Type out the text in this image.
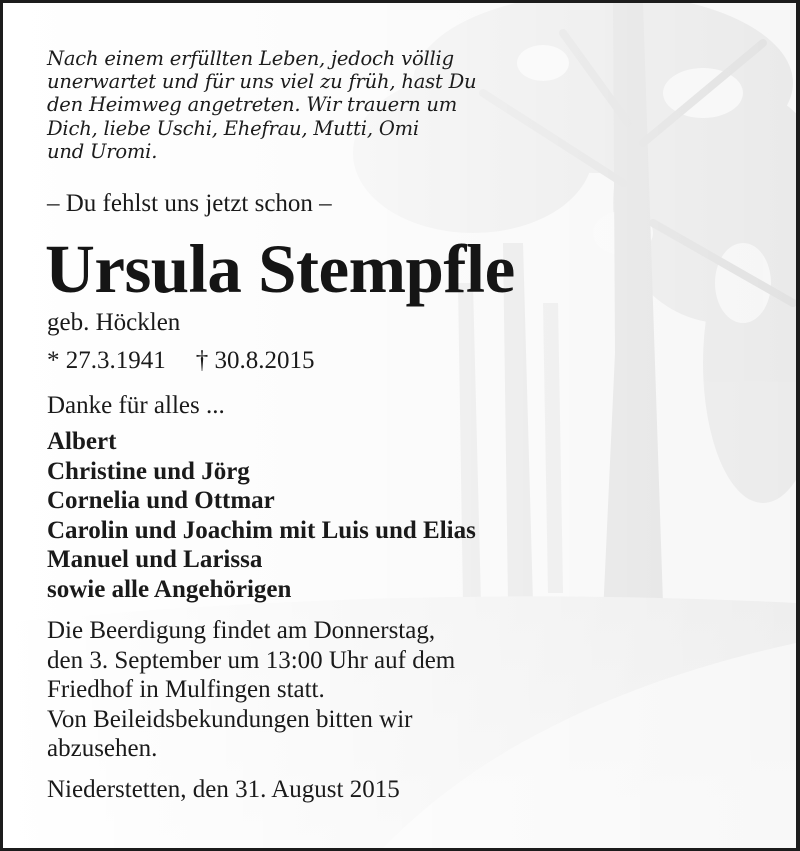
Nach einem erfüllten Leben, jedoch völlig
unerwartet und für uns viel zu früh, hast Du
den Heimweg angetreten. Wir trauern um
Dich, liebe Uschi, Ehefrau, Mutti, Omi
und Uromi.
– Du fehlst uns jetzt schon –
Ursula Stempfle
geb. Höcklen
* 27.3.1941 † 30.8.2015
Danke für alles ...
Albert
Christine und Jörg
Cornelia und Ottmar
Carolin und Joachim mit Luis und Elias
Manuel und Larissa
sowie alle Angehörigen
Die Beerdigung findet am Donnerstag,
den 3. September um 13:00 Uhr auf dem
Friedhof in Mulfingen statt.
Von Beileidsbekundungen bitten wir
abzusehen.
Niederstetten, den 31. August 2015
